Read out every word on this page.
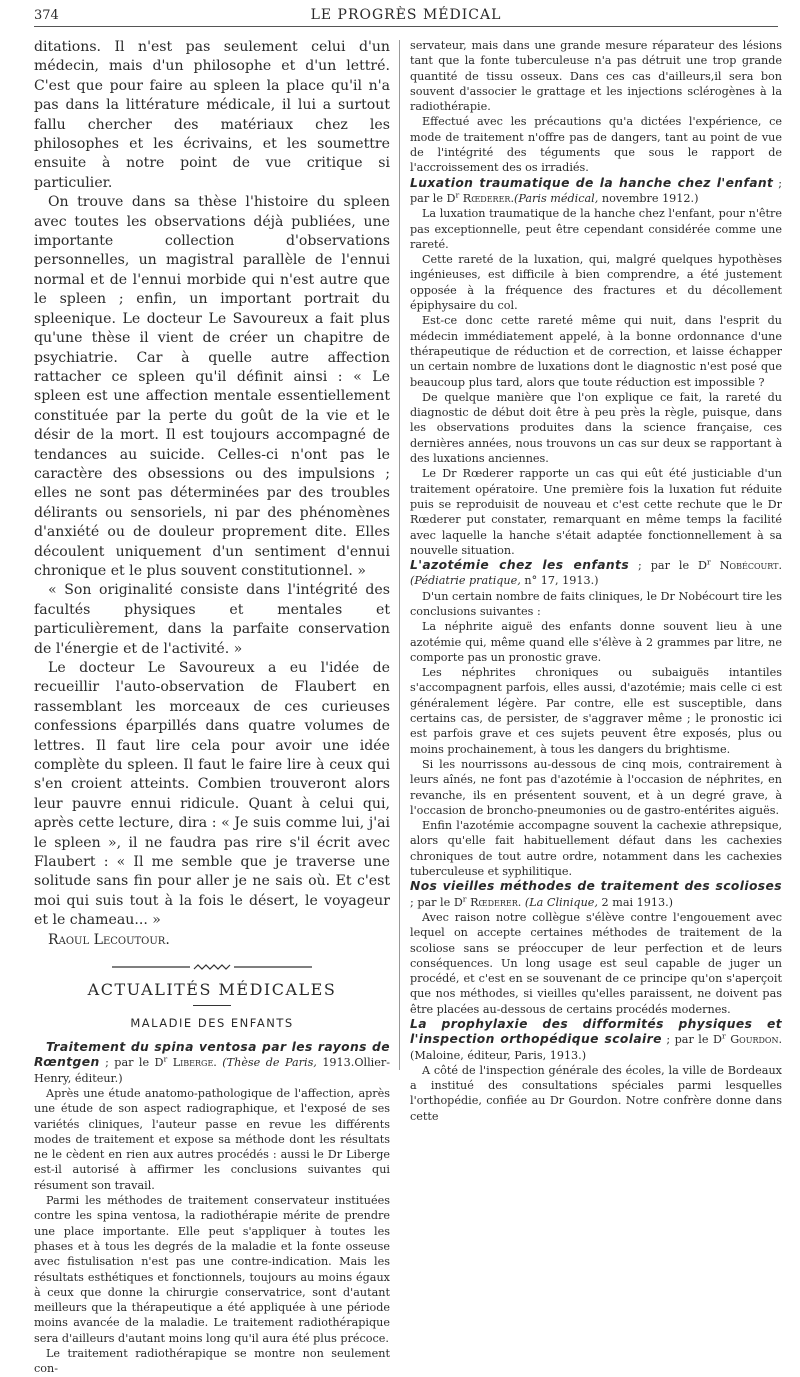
374	LE PROGRÈS MÉDICAL

ditations. Il n'est pas seulement celui d'un médecin, mais d'un philosophe et d'un lettré. C'est que pour faire au spleen la place qu'il n'a pas dans la littérature médicale, il lui a surtout fallu chercher des matériaux chez les philosophes et les écrivains, et les soumettre ensuite à notre point de vue critique si particulier.

On trouve dans sa thèse l'histoire du spleen avec toutes les observations déjà publiées, une importante collection d'observations personnelles, un magistral parallèle de l'ennui normal et de l'ennui morbide qui n'est autre que le spleen ; enfin, un important portrait du spleenique. Le docteur Le Savoureux a fait plus qu'une thèse il vient de créer un chapitre de psychiatrie. Car à quelle autre affection rattacher ce spleen qu'il définit ainsi : « Le spleen est une affection mentale essentiellement constituée par la perte du goût de la vie et le désir de la mort. Il est toujours accompagné de tendances au suicide. Celles-ci n'ont pas le caractère des obsessions ou des impulsions ; elles ne sont pas déterminées par des troubles délirants ou sensoriels, ni par des phénomènes d'anxiété ou de douleur proprement dite. Elles découlent uniquement d'un sentiment d'ennui chronique et le plus souvent constitutionnel. »

« Son originalité consiste dans l'intégrité des facultés physiques et mentales et particulièrement, dans la parfaite conservation de l'énergie et de l'activité. »

Le docteur Le Savoureux a eu l'idée de recueillir l'auto-observation de Flaubert en rassemblant les morceaux de ces curieuses confessions éparpillés dans quatre volumes de lettres. Il faut lire cela pour avoir une idée complète du spleen. Il faut le faire lire à ceux qui s'en croient atteints. Combien trouveront alors leur pauvre ennui ridicule. Quant à celui qui, après cette lecture, dira : « Je suis comme lui, j'ai le spleen », il ne faudra pas rire s'il écrit avec Flaubert : « Il me semble que je traverse une solitude sans fin pour aller je ne sais où. Et c'est moi qui suis tout à la fois le désert, le voyageur et le chameau... »

Raoul Lecoutour.

ACTUALITÉS MÉDICALES
MALADIE DES ENFANTS

Traitement du spina ventosa par les rayons de Rœntgen ; par le $D^r$ Liberge. (Thèse de Paris, 1913.Ollier-Henry, éditeur.)

Après une étude anatomo-pathologique de l'affection, après une étude de son aspect radiographique, et l'exposé de ses variétés cliniques, l'auteur passe en revue les différents modes de traitement et expose sa méthode dont les résultats ne le cèdent en rien aux autres procédés : aussi le Dr Liberge est-il autorisé à affirmer les conclusions suivantes qui résument son travail.

Parmi les méthodes de traitement conservateur instituées contre les spina ventosa, la radiothérapie mérite de prendre une place importante. Elle peut s'appliquer à toutes les phases et à tous les degrés de la maladie et la fonte osseuse avec fistulisation n'est pas une contre-indication. Mais les résultats esthétiques et fonctionnels, toujours au moins égaux à ceux que donne la chirurgie conservatrice, sont d'autant meilleurs que la thérapeutique a été appliquée à une période moins avancée de la maladie. Le traitement radiothérapique sera d'ailleurs d'autant moins long qu'il aura été plus précoce.

Le traitement radiothérapique se montre non seulement con-

servateur, mais dans une grande mesure réparateur des lésions tant que la fonte tuberculeuse n'a pas détruit une trop grande quantité de tissu osseux. Dans ces cas d'ailleurs,il sera bon souvent d'associer le grattage et les injections sclérogènes à la radiothérapie.

Effectué avec les précautions qu'a dictées l'expérience, ce mode de traitement n'offre pas de dangers, tant au point de vue de l'intégrité des téguments que sous le rapport de l'accroissement des os irradiés.

Luxation traumatique de la hanche chez l'enfant ; par le $D^r$ Rœderer.(Paris médical, novembre 1912.)

La luxation traumatique de la hanche chez l'enfant, pour n'être pas exceptionnelle, peut être cependant considérée comme une rareté.

Cette rareté de la luxation, qui, malgré quelques hypothèses ingénieuses, est difficile à bien comprendre, a été justement opposée à la fréquence des fractures et du décollement épiphysaire du col.

Est-ce donc cette rareté même qui nuit, dans l'esprit du médecin immédiatement appelé, à la bonne ordonnance d'une thérapeutique de réduction et de correction, et laisse échapper un certain nombre de luxations dont le diagnostic n'est posé que beaucoup plus tard, alors que toute réduction est impossible ?

De quelque manière que l'on explique ce fait, la rareté du diagnostic de début doit être à peu près la règle, puisque, dans les observations produites dans la science française, ces dernières années, nous trouvons un cas sur deux se rapportant à des luxations anciennes.

Le Dr Rœderer rapporte un cas qui eût été justiciable d'un traitement opératoire. Une première fois la luxation fut réduite puis se reproduisit de nouveau et c'est cette rechute que le Dr Rœderer put constater, remarquant en même temps la facilité avec laquelle la hanche s'était adaptée fonctionnellement à sa nouvelle situation.

L'azotémie chez les enfants ; par le $D^r$ Nobécourt. (Pédiatrie pratique, n° 17, 1913.)

D'un certain nombre de faits cliniques, le Dr Nobécourt tire les conclusions suivantes :

La néphrite aiguë des enfants donne souvent lieu à une azotémie qui, même quand elle s'élève à 2 grammes par litre, ne comporte pas un pronostic grave.

Les néphrites chroniques ou subaiguës intantiles s'accompagnent parfois, elles aussi, d'azotémie; mais celle ci est généralement légère. Par contre, elle est susceptible, dans certains cas, de persister, de s'aggraver même ; le pronostic ici est parfois grave et ces sujets peuvent être exposés, plus ou moins prochainement, à tous les dangers du brightisme.

Si les nourrissons au-dessous de cinq mois, contrairement à leurs aînés, ne font pas d'azotémie à l'occasion de néphrites, en revanche, ils en présentent souvent, et à un degré grave, à l'occasion de broncho-pneumonies ou de gastro-entérites aiguës.

Enfin l'azotémie accompagne souvent la cachexie athrepsique, alors qu'elle fait habituellement défaut dans les cachexies chroniques de tout autre ordre, notamment dans les cachexies tuberculeuse et syphilitique.

Nos vieilles méthodes de traitement des scolioses ; par le $D^r$ Rœderer. (La Clinique, 2 mai 1913.)

Avec raison notre collègue s'élève contre l'engouement avec lequel on accepte certaines méthodes de traitement de la scoliose sans se préoccuper de leur perfection et de leurs conséquences. Un long usage est seul capable de juger un procédé, et c'est en se souvenant de ce principe qu'on s'aperçoit que nos méthodes, si vieilles qu'elles paraissent, ne doivent pas être placées au-dessous de certains procédés modernes.

La prophylaxie des difformités physiques et l'inspection orthopédique scolaire ; par le $D^r$ Gourdon. (Maloine, éditeur, Paris, 1913.)

A côté de l'inspection générale des écoles, la ville de Bordeaux a institué des consultations spéciales parmi lesquelles l'orthopédie, confiée au Dr Gourdon. Notre confrère donne dans cette
